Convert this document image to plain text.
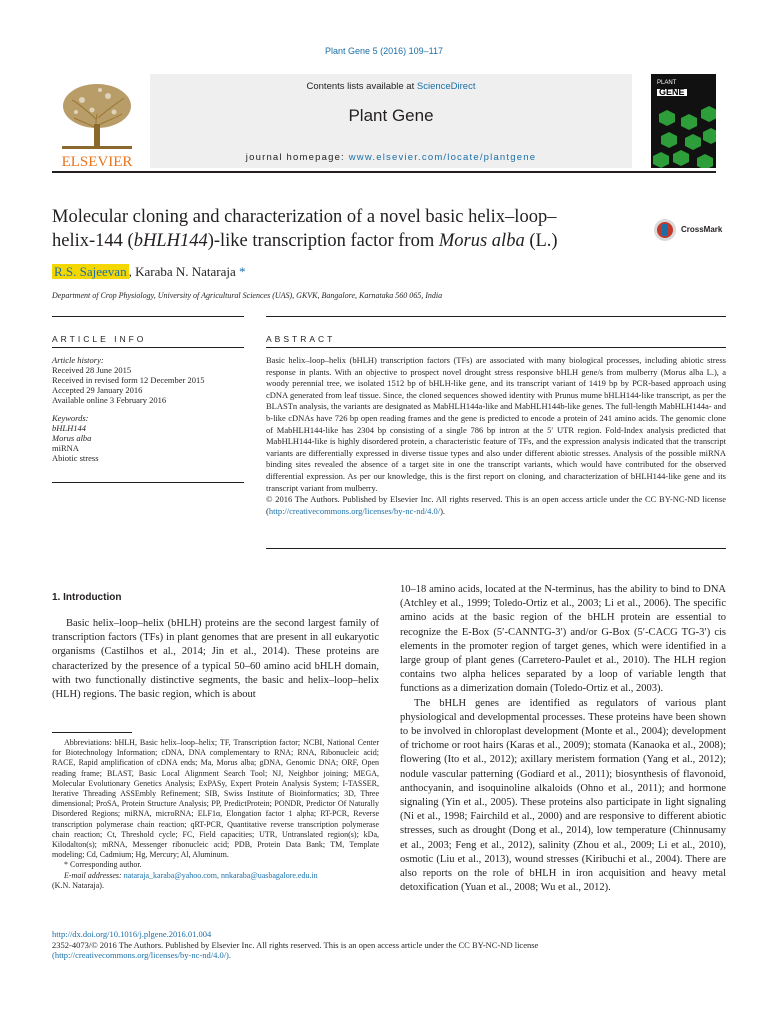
Plant Gene 5 (2016) 109–117
ELSEVIER
Contents lists available at ScienceDirect
Plant Gene
journal homepage: www.elsevier.com/locate/plantgene
PLANT
GENE
Molecular cloning and characterization of a novel basic helix–loop–
helix-144 (bHLH144)-like transcription factor from Morus alba (L.)
CrossMark
R.S. Sajeevan , Karaba N. Nataraja *
Department of Crop Physiology, University of Agricultural Sciences (UAS), GKVK, Bangalore, Karnataka 560 065, India
ARTICLE INFO	ABSTRACT

Article history:

Received 28 June 2015

Received in revised form 12 December 2015

Accepted 29 January 2016

Available online 3 February 2016

Keywords:

bHLH144

Morus alba

miRNA

Abiotic stress

Basic helix–loop–helix (bHLH) transcription factors (TFs) are associated with many biological processes, including abiotic stress response in plants. With an objective to prospect novel drought stress responsive bHLH gene/s from mulberry (Morus alba L.), a woody perennial tree, we isolated 1512 bp of bHLH-like gene, and its transcript variant of 1419 bp by PCR-based approach using cDNA generated from leaf tissue. Since, the cloned sequences showed identity with Prunus mume bHLH144-like transcript, as per the BLASTn analysis, the variants are designated as MabHLH144a-like and MabHLH144b-like genes. The full-length MabHLH144a- and b-like cDNAs have 726 bp open reading frames and the gene is predicted to encode a protein of 241 amino acids. The genomic clone of MabHLH144-like has 2304 bp consisting of a single 786 bp intron at the 5′ UTR region. Fold-Index analysis predicted that MabHLH144-like is highly disordered protein, a characteristic feature of TFs, and the expression analysis indicated that the transcript variants are differentially expressed in diverse tissue types and also under different abiotic stresses. Analysis of the possible miRNA binding sites revealed the absence of a target site in one the transcript variants, which would have contributed for the observed differential expression. As per our knowledge, this is the first report on cloning, and characterization of bHLH144-like gene and its transcript variant from mulberry.

© 2016 The Authors. Published by Elsevier Inc. All rights reserved. This is an open access article under the CC BY-NC-ND license (http://creativecommons.org/licenses/by-nc-nd/4.0/).

1. Introduction

Basic helix–loop–helix (bHLH) proteins are the second largest family of transcription factors (TFs) in plant genomes that are present in all eukaryotic organisms (Castilhos et al., 2014; Jin et al., 2014). These proteins are characterized by the presence of a typical 50–60 amino acid bHLH domain, with two functionally distinctive segments, the basic and helix–loop–helix (HLH) regions. The basic region, which is about

Abbreviations: bHLH, Basic helix–loop–helix; TF, Transcription factor; NCBI, National Center for Biotechnology Information; cDNA, DNA complementary to RNA; RNA, Ribonucleic acid; RACE, Rapid amplification of cDNA ends; Ma, Morus alba; gDNA, Genomic DNA; ORF, Open reading frame; BLAST, Basic Local Alignment Search Tool; NJ, Neighbor joining; MEGA, Molecular Evolutionary Genetics Analysis; ExPASy, Expert Protein Analysis System; I-TASSER, Iterative Threading ASSEmbly Refinement; SIB, Swiss Institute of Bioinformatics; 3D, Three dimensional; ProSA, Protein Structure Analysis; PP, PredictProtein; PONDR, Predictor Of Naturally Disordered Regions; miRNA, microRNA; ELF1α, Elongation factor 1 alpha; RT-PCR, Reverse transcription polymerase chain reaction; qRT-PCR, Quantitative reverse transcription polymerase chain reaction; Ct, Threshold cycle; FC, Field capacities; UTR, Untranslated region(s); kDa, Kilodalton(s); mRNA, Messenger ribonucleic acid; PDB, Protein Data Bank; TM, Template modeling; Cd, Cadmium; Hg, Mercury; Al, Aluminum.

* Corresponding author.

E-mail addresses: nataraja_karaba@yahoo.com, nnkaraba@uasbagalore.edu.in

(K.N. Nataraja).

10–18 amino acids, located at the N-terminus, has the ability to bind to DNA (Atchley et al., 1999; Toledo-Ortiz et al., 2003; Li et al., 2006). The specific amino acids at the basic region of the bHLH protein are essential to recognize the E-Box (5′-CANNTG-3′) and/or G-Box (5′-CACG TG-3′) cis elements in the promoter region of target genes, which were identified in a large group of plant genes (Carretero-Paulet et al., 2010). The HLH region contains two alpha helices separated by a loop of variable length that functions as a dimerization domain (Toledo-Ortiz et al., 2003).

The bHLH genes are identified as regulators of various plant physiological and developmental processes. These proteins have been shown to be involved in chloroplast development (Monte et al., 2004); development of trichome or root hairs (Karas et al., 2009); stomata (Kanaoka et al., 2008); flowering (Ito et al., 2012); axillary meristem formation (Yang et al., 2012); nodule vascular patterning (Godiard et al., 2011); biosynthesis of flavonoid, anthocyanin, and isoquinoline alkaloids (Ohno et al., 2011); and hormone signaling (Yin et al., 2005). These proteins also participate in light signaling (Ni et al., 1998; Fairchild et al., 2000) and are responsive to different abiotic stresses, such as drought (Dong et al., 2014), low temperature (Chinnusamy et al., 2003; Feng et al., 2012), salinity (Zhou et al., 2009; Li et al., 2010), osmotic (Liu et al., 2013), wound stresses (Kiribuchi et al., 2004). There are also reports on the role of bHLH in iron acquisition and heavy metal detoxification (Yuan et al., 2008; Wu et al., 2012).

http://dx.doi.org/10.1016/j.plgene.2016.01.004

2352-4073/© 2016 The Authors. Published by Elsevier Inc. All rights reserved. This is an open access article under the CC BY-NC-ND license

(http://creativecommons.org/licenses/by-nc-nd/4.0/).
